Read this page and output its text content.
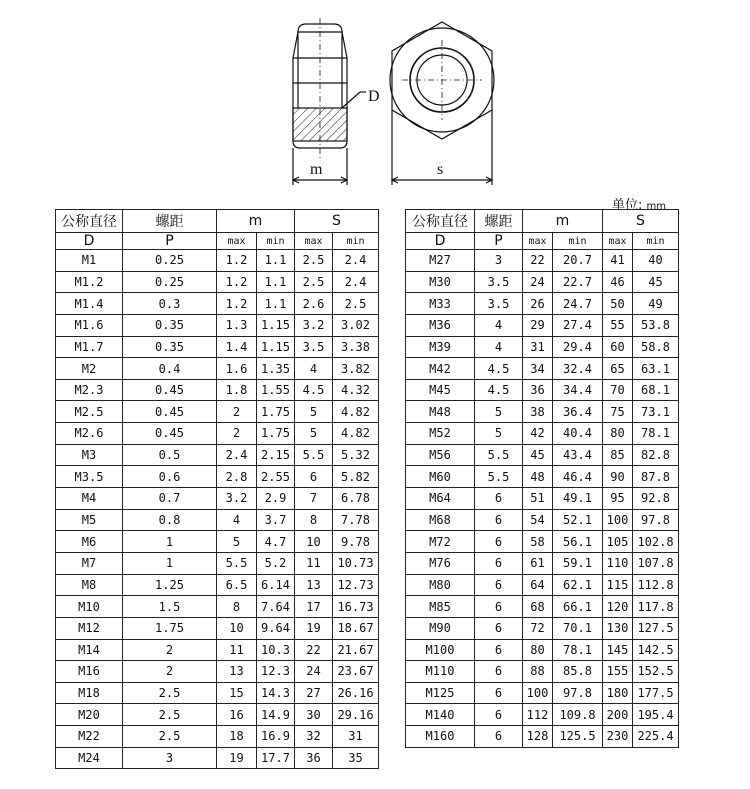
D
m	s
单位: mm
公称直径	螺距	m		S	
D	P	max	min	max	min
M1	0.25	1.2	1.1	2.5	2.4
M1.2	0.25	1.2	1.1	2.5	2.4
M1.4	0.3	1.2	1.1	2.6	2.5
M1.6	0.35	1.3	1.15	3.2	3.02
M1.7	0.35	1.4	1.15	3.5	3.38
M2	0.4	1.6	1.35	4	3.82
M2.3	0.45	1.8	1.55	4.5	4.32
M2.5	0.45	2	1.75	5	4.82
M2.6	0.45	2	1.75	5	4.82
M3	0.5	2.4	2.15	5.5	5.32
M3.5	0.6	2.8	2.55	6	5.82
M4	0.7	3.2	2.9	7	6.78
M5	0.8	4	3.7	8	7.78
M6	1	5	4.7	10	9.78
M7	1	5.5	5.2	11	10.73
M8	1.25	6.5	6.14	13	12.73
M10	1.5	8	7.64	17	16.73
M12	1.75	10	9.64	19	18.67
M14	2	11	10.3	22	21.67
M16	2	13	12.3	24	23.67
M18	2.5	15	14.3	27	26.16
M20	2.5	16	14.9	30	29.16
M22	2.5	18	16.9	32	31
M24	3	19	17.7	36	35
公称直径	螺距	m		S	
D	P	max	min	max	min
M27	3	22	20.7	41	40
M30	3.5	24	22.7	46	45
M33	3.5	26	24.7	50	49
M36	4	29	27.4	55	53.8
M39	4	31	29.4	60	58.8
M42	4.5	34	32.4	65	63.1
M45	4.5	36	34.4	70	68.1
M48	5	38	36.4	75	73.1
M52	5	42	40.4	80	78.1
M56	5.5	45	43.4	85	82.8
M60	5.5	48	46.4	90	87.8
M64	6	51	49.1	95	92.8
M68	6	54	52.1	100	97.8
M72	6	58	56.1	105	102.8
M76	6	61	59.1	110	107.8
M80	6	64	62.1	115	112.8
M85	6	68	66.1	120	117.8
M90	6	72	70.1	130	127.5
M100	6	80	78.1	145	142.5
M110	6	88	85.8	155	152.5
M125	6	100	97.8	180	177.5
M140	6	112	109.8	200	195.4
M160	6	128	125.5	230	225.4
